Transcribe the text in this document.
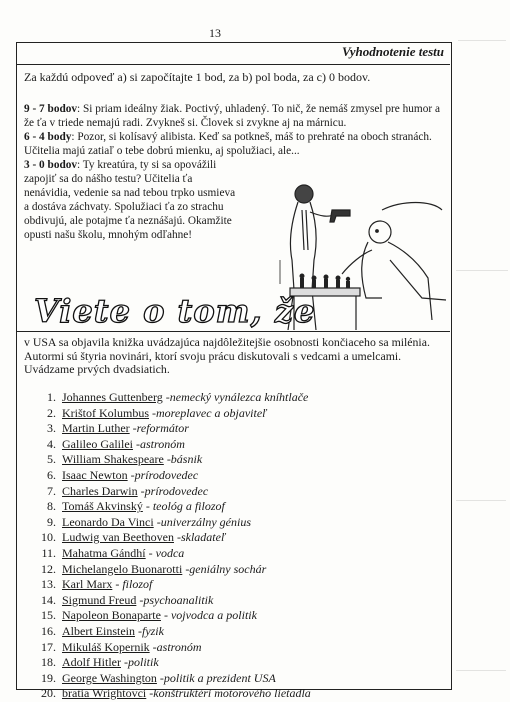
13
Vyhodnotenie testu
Za každú odpoveď a) si započítajte 1 bod, za b) pol boda, za c) 0 bodov.

9 - 7 bodov: Si priam ideálny žiak. Poctivý, uhladený. To nič, že nemáš zmysel pre humor a že ťa v triede nemajú radi. Zvykneš si. Človek si zvykne aj na márnicu.

6 - 4 body: Pozor, si kolísavý alibista. Keď sa potkneš, máš to prehraté na oboch stranách. Učitelia majú zatiaľ o tebe dobrú mienku, aj spolužiaci, ale...

3 - 0 bodov: Ty kreatúra, ty si sa opovážili zapojiť sa do nášho testu? Učitelia ťa nenávidia, vedenie sa nad tebou trpko usmieva a dostáva záchvaty. Spolužiaci ťa zo strachu obdivujú, ale potajme ťa neznášajú. Okamžite opusti našu školu, mnohým odľahne!

Viete o tom, že
v USA sa objavila knižka uvádzajúca najdôležitejšie osobnosti končiaceho sa milénia. Autormi sú štyria novinári, ktorí svoju prácu diskutovali s vedcami a umelcami. Uvádzame prvých dvadsiatich.
1. Johannes Guttenberg -nemecký vynálezca kníhtlače
2. Krištof Kolumbus -moreplavec a objaviteľ
3. Martin Luther -reformátor
4. Galileo Galilei -astronóm
5. William Shakespeare -básnik
6. Isaac Newton -prírodovedec
7. Charles Darwin -prírodovedec
8. Tomáš Akvinský - teológ a filozof
9. Leonardo Da Vinci -univerzálny génius
10. Ludwig van Beethoven -skladateľ
11. Mahatma Gándhí - vodca
12. Michelangelo Buonarotti -geniálny sochár
13. Karl Marx - filozof
14. Sigmund Freud -psychoanalitik
15. Napoleon Bonaparte - vojvodca a politik
16. Albert Einstein -fyzik
17. Mikuláš Kopernik -astronóm
18. Adolf Hitler -politik
19. George Washington -politik a prezident USA
20. bratia Wrightovci -konštruktéri motorového lietadla
